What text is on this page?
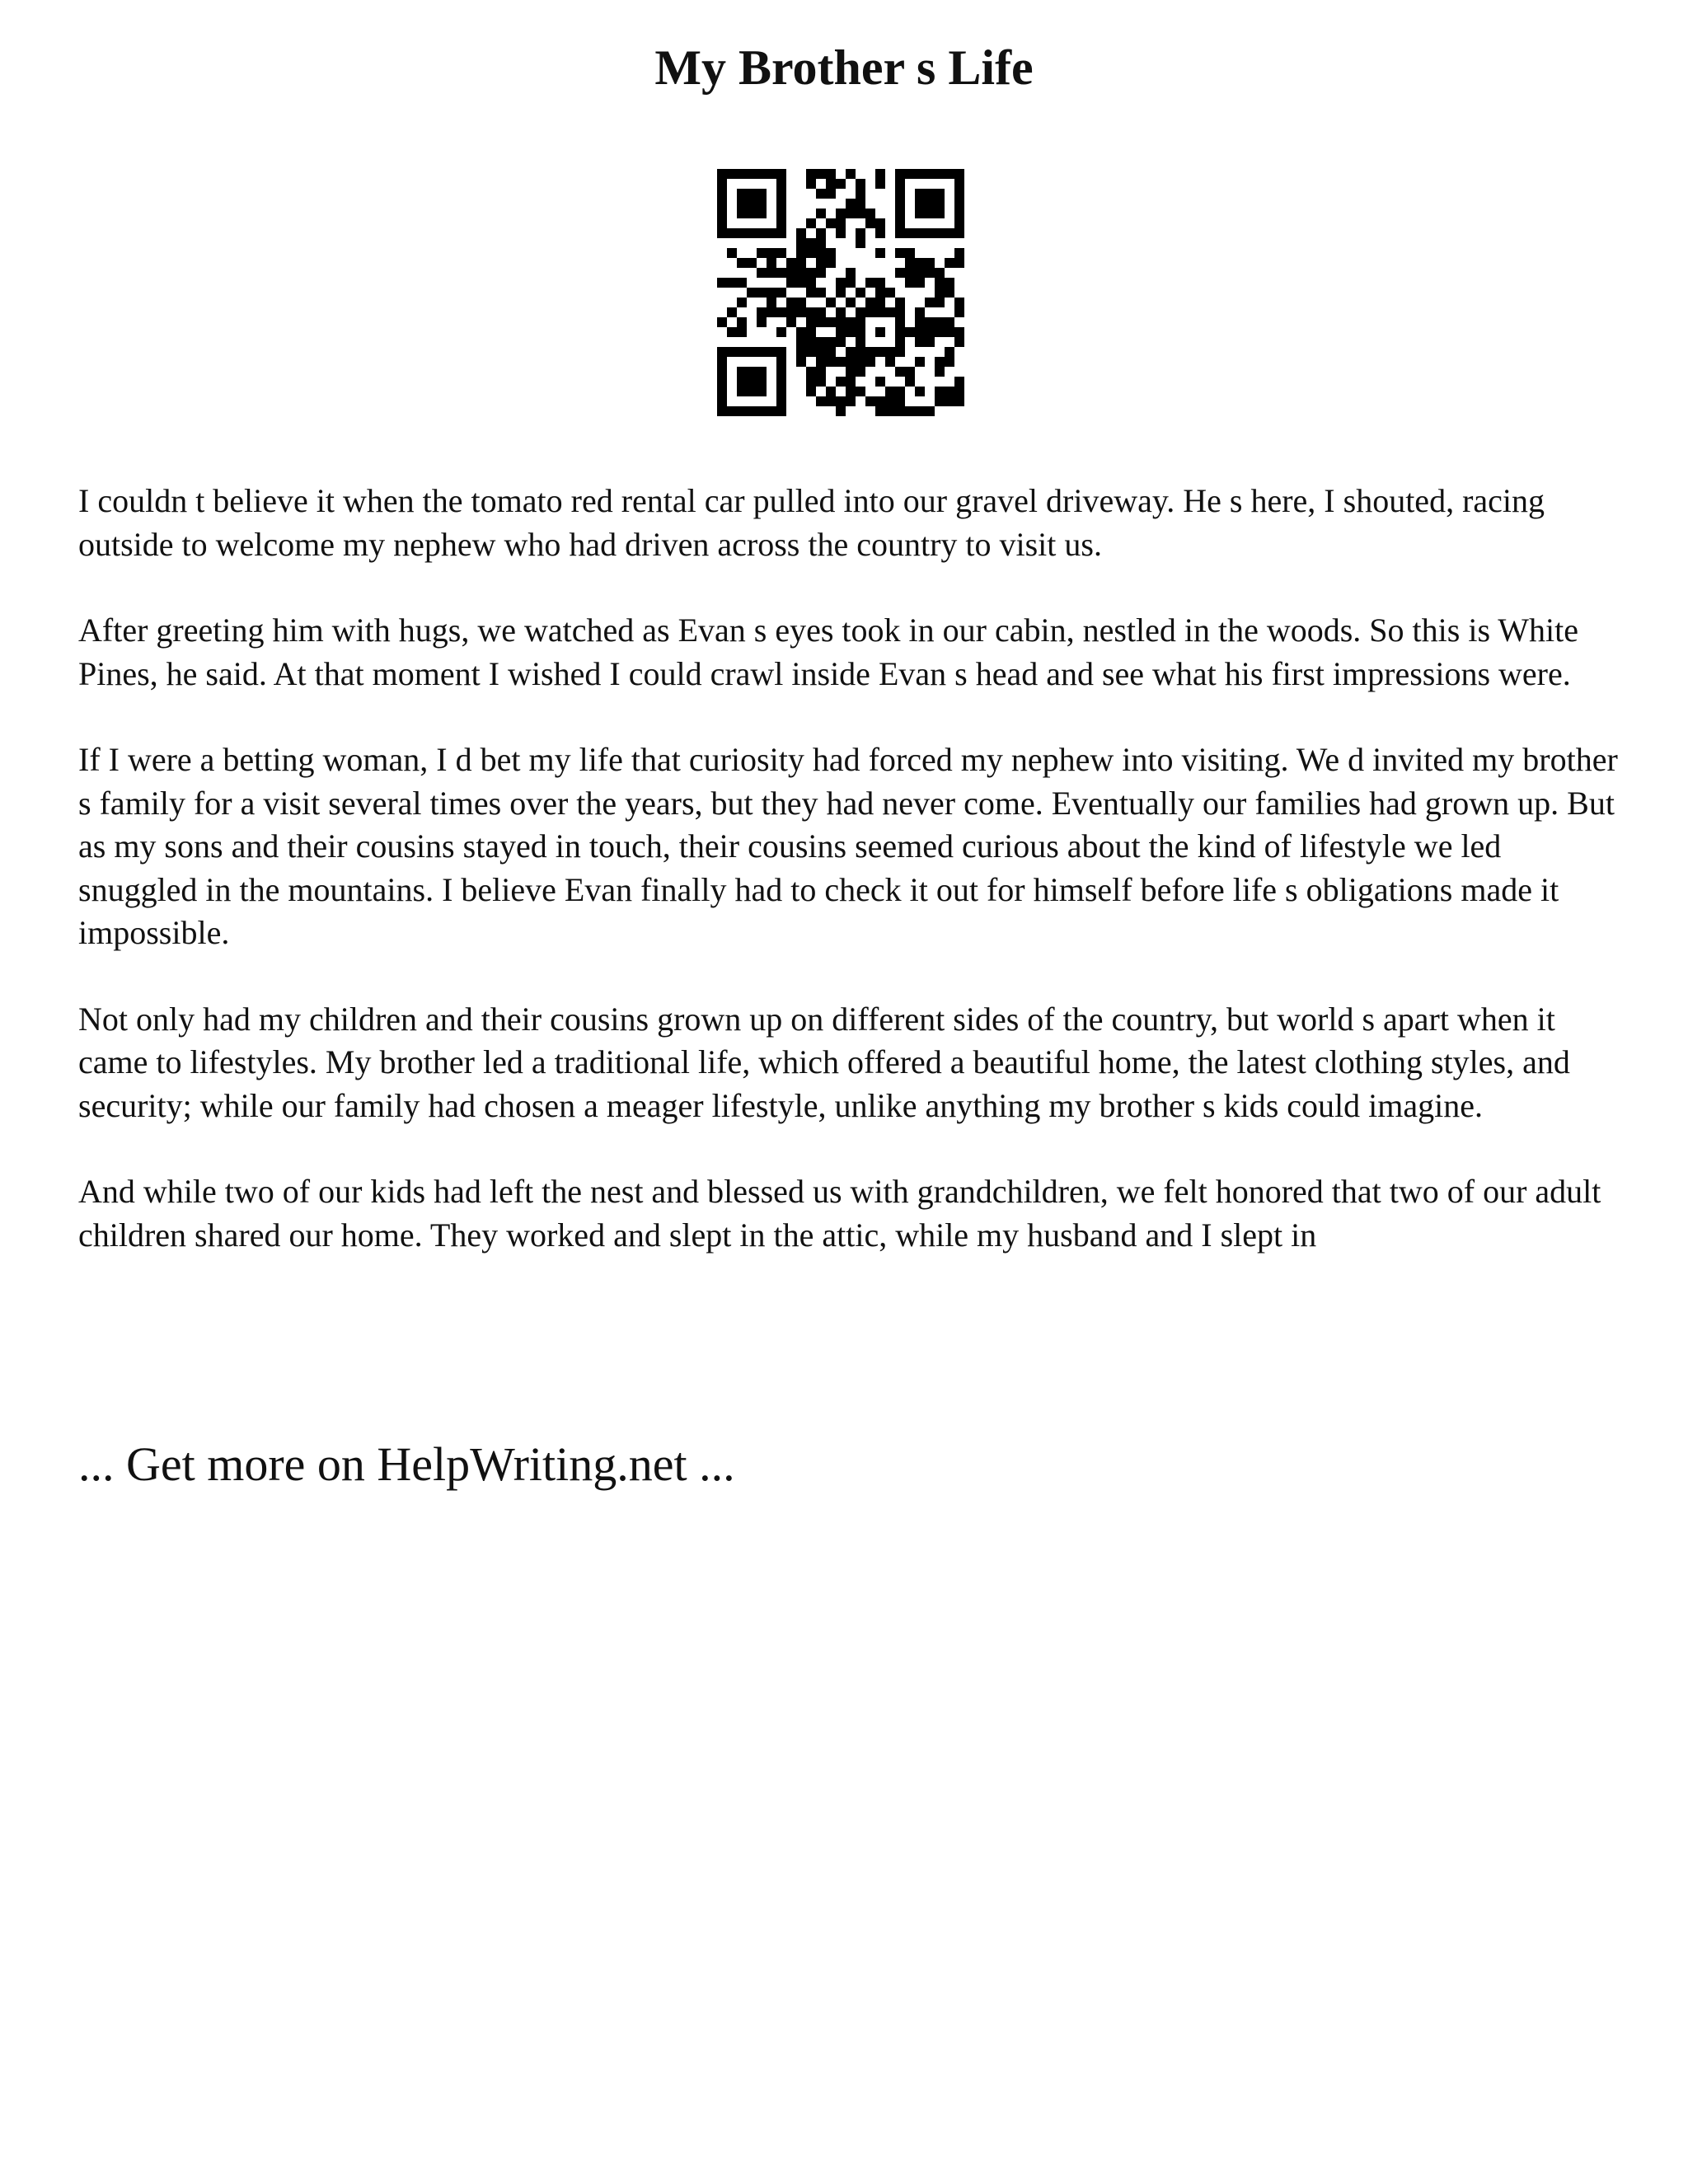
My Brother s Life

I couldn t believe it when the tomato red rental car pulled into our gravel driveway. He s here, I shouted, racing outside to welcome my nephew who had driven across the country to visit us.

After greeting him with hugs, we watched as Evan s eyes took in our cabin, nestled in the woods. So this is White Pines, he said. At that moment I wished I could crawl inside Evan s head and see what his first impressions were.

If I were a betting woman, I d bet my life that curiosity had forced my nephew into visiting. We d invited my brother s family for a visit several times over the years, but they had never come. Eventually our families had grown up. But as my sons and their cousins stayed in touch, their cousins seemed curious about the kind of lifestyle we led snuggled in the mountains. I believe Evan finally had to check it out for himself before life s obligations made it impossible.

Not only had my children and their cousins grown up on different sides of the country, but world s apart when it came to lifestyles. My brother led a traditional life, which offered a beautiful home, the latest clothing styles, and security; while our family had chosen a meager lifestyle, unlike anything my brother s kids could imagine.

And while two of our kids had left the nest and blessed us with grandchildren, we felt honored that two of our adult children shared our home. They worked and slept in the attic, while my husband and I slept in

... Get more on HelpWriting.net ...
